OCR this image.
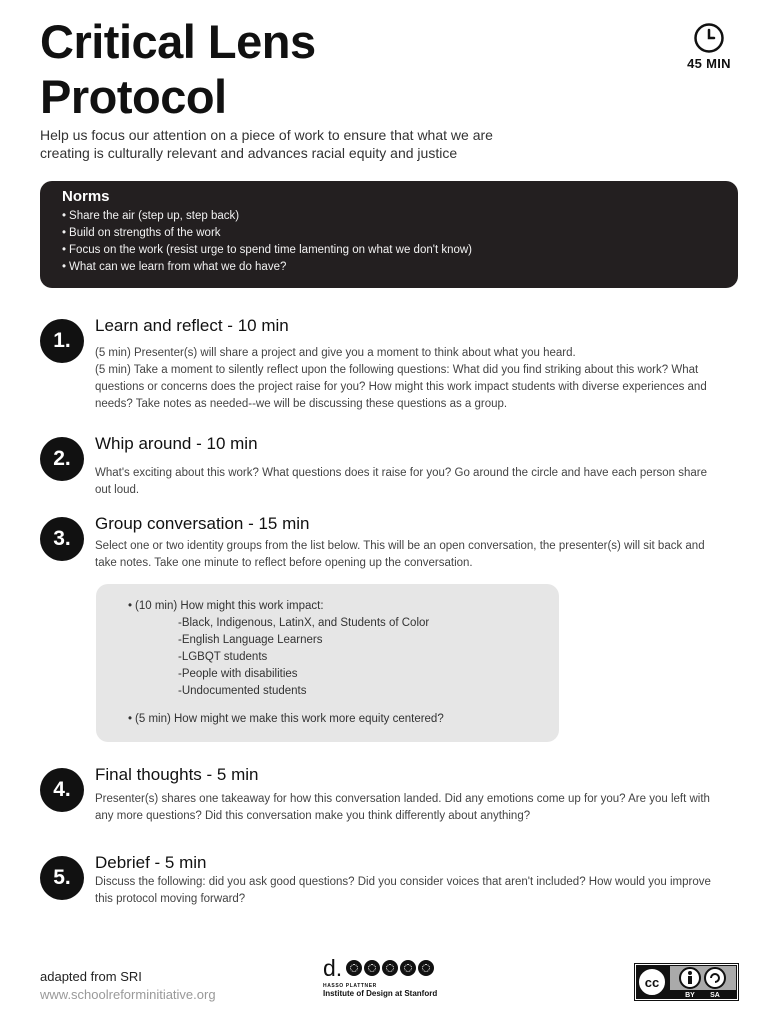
Critical Lens
Protocol
45 MIN
Help us focus our attention on a piece of work to ensure that what we are creating is culturally relevant and advances racial equity and justice
Norms
• Share the air (step up, step back)
• Build on strengths of the work
• Focus on the work (resist urge to spend time lamenting on what we don't know)
• What can we learn from what we do have?
1.
Learn and reflect - 10 min
(5 min) Presenter(s) will share a project and give you a moment to think about what you heard.
(5 min) Take a moment to silently reflect upon the following questions: What did you find striking about this work? What questions or concerns does the project raise for you? How might this work impact students with diverse experiences and needs? Take notes as needed--we will be discussing these questions as a group.
2.
Whip around - 10 min
What's exciting about this work? What questions does it raise for you? Go around the circle and have each person share out loud.
3.
Group conversation - 15 min
Select one or two identity groups from the list below. This will be an open conversation, the presenter(s) will sit back and take notes. Take one minute to reflect before opening up the conversation.
• (10 min) How might this work impact:
-Black, Indigenous, LatinX, and Students of Color
-English Language Learners
-LGBQT students
-People with disabilities
-Undocumented students
• (5 min) How might we make this work more equity centered?
4.
Final thoughts - 5 min
Presenter(s) shares one takeaway for how this conversation landed. Did any emotions come up for you? Are you left with any more questions? Did this conversation make you think differently about anything?
5.
Debrief - 5 min
Discuss the following: did you ask good questions? Did you consider voices that aren't included? How would you improve this protocol moving forward?
adapted from SRI
www.schoolreforminitiative.org
d.
HASSO PLATTNER
Institute of Design at Stanford
cc
BY SA
